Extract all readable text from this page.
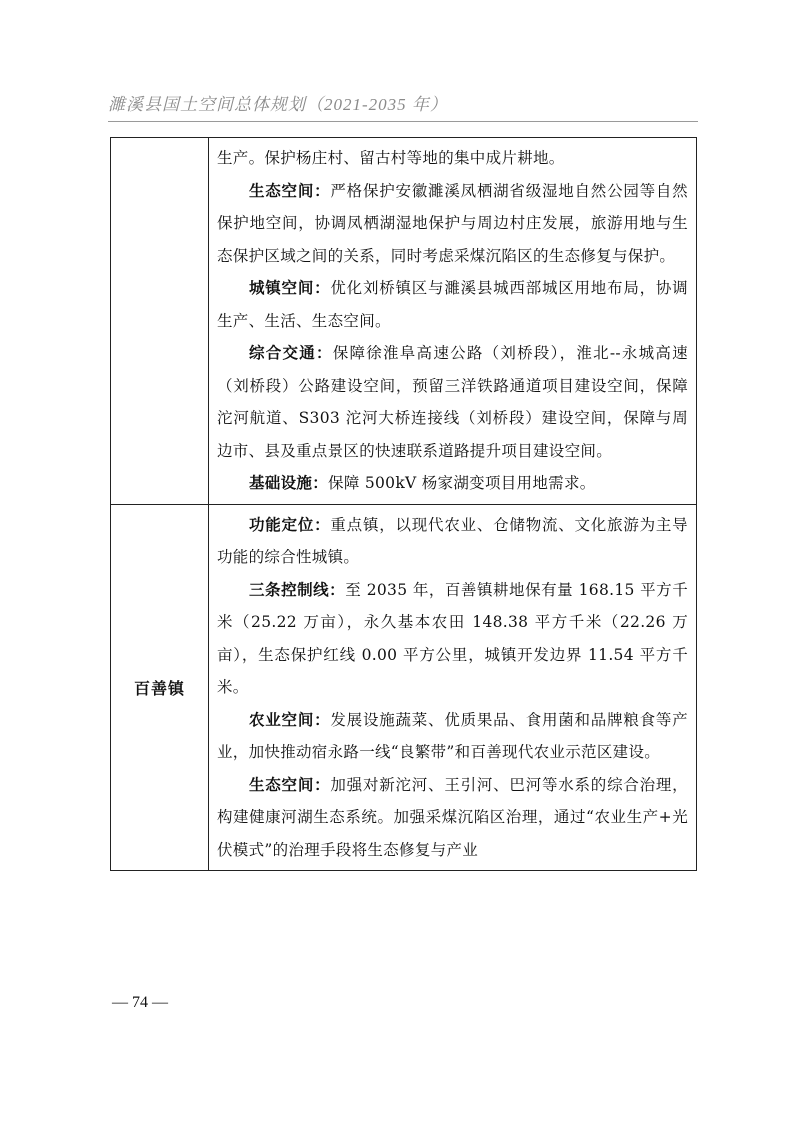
濉溪县国土空间总体规划（2021-2035 年）

	生产。保护杨庄村、留古村等地的集中成片耕地。

生态空间：严格保护安徽濉溪凤栖湖省级湿地自然公园等自然保护地空间，协调凤栖湖湿地保护与周边村庄发展，旅游用地与生态保护区域之间的关系，同时考虑采煤沉陷区的生态修复与保护。

城镇空间：优化刘桥镇区与濉溪县城西部城区用地布局，协调生产、生活、生态空间。

综合交通：保障徐淮阜高速公路（刘桥段），淮北--永城高速（刘桥段）公路建设空间，预留三洋铁路通道项目建设空间，保障沱河航道、S303 沱河大桥连接线（刘桥段）建设空间，保障与周边市、县及重点景区的快速联系道路提升项目建设空间。

基础设施：保障 500kV 杨家湖变项目用地需求。

百善镇	功能定位：重点镇，以现代农业、仓储物流、文化旅游为主导功能的综合性城镇。

三条控制线：至 2035 年，百善镇耕地保有量 168.15 平方千米（25.22 万亩），永久基本农田 148.38 平方千米（22.26 万亩），生态保护红线 0.00 平方公里，城镇开发边界 11.54 平方千米。

农业空间：发展设施蔬菜、优质果品、食用菌和品牌粮食等产业，加快推动宿永路一线“良繁带”和百善现代农业示范区建设。

生态空间：加强对新沱河、王引河、巴河等水系的综合治理，构建健康河湖生态系统。加强采煤沉陷区治理，通过“农业生产+光伏模式”的治理手段将生态修复与产业

— 74 —
